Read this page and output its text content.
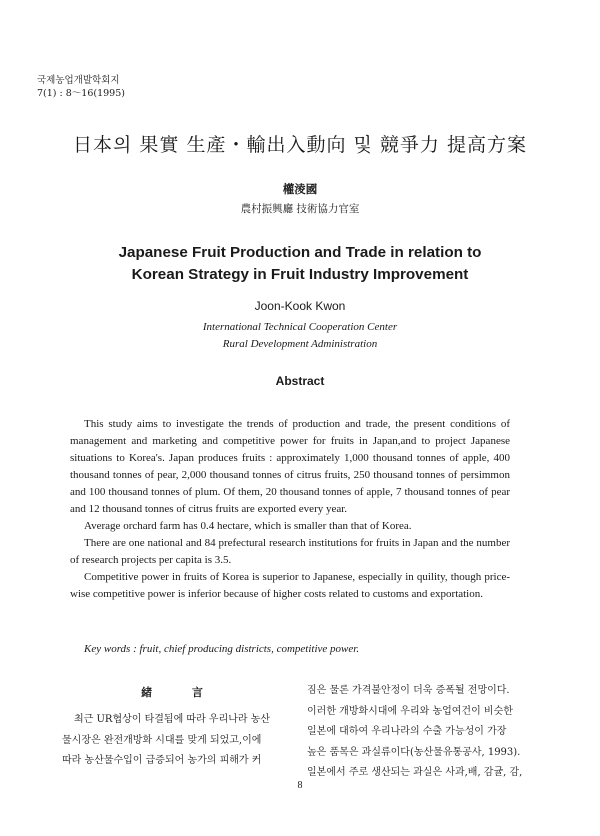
국제농업개발학회지
7(1) : 8～16(1995)
日本의 果實 生產・輸出入動向 및 競爭力 提高方案
權淩國
農村振興廳 技術協力官室
Japanese Fruit Production and Trade in relation to
Korean Strategy in Fruit Industry Improvement
Joon-Kook Kwon
International Technical Cooperation Center
Rural Development Administration
Abstract

This study aims to investigate the trends of production and trade, the present conditions of management and marketing and competitive power for fruits in Japan,and to project Japanese situations to Korea's. Japan produces fruits : approximately 1,000 thousand tonnes of apple, 400 thousand tonnes of pear, 2,000 thousand tonnes of citrus fruits, 250 thousand tonnes of persimmon and 100 thousand tonnes of plum. Of them, 20 thousand tonnes of apple, 7 thousand tonnes of pear and 12 thousand tonnes of citrus fruits are exported every year.

Average orchard farm has 0.4 hectare, which is smaller than that of Korea.

There are one national and 84 prefectural research institutions for fruits in Japan and the number of research projects per capita is 3.5.

Competitive power in fruits of Korea is superior to Japanese, especially in quility, though price-wise competitive power is inferior because of higher costs related to customs and exportation.

Key words : fruit, chief producing districts, competitive power.
緒 言

최근 UR협상이 타결됨에 따라 우리나라 농산

물시장은 완전개방화 시대를 맞게 되었고,이에

따라 농산물수입이 급증되어 농가의 피해가 커

짐은 물론 가격불안정이 더욱 증폭될 전망이다.

이러한 개방화시대에 우리와 농업여건이 비슷한

일본에 대하여 우리나라의 수출 가능성이 가장

높은 품목은 과실류이다(농산물유통공사, 1993).

일본에서 주로 생산되는 과실은 사과,배, 감귤, 감,

8
